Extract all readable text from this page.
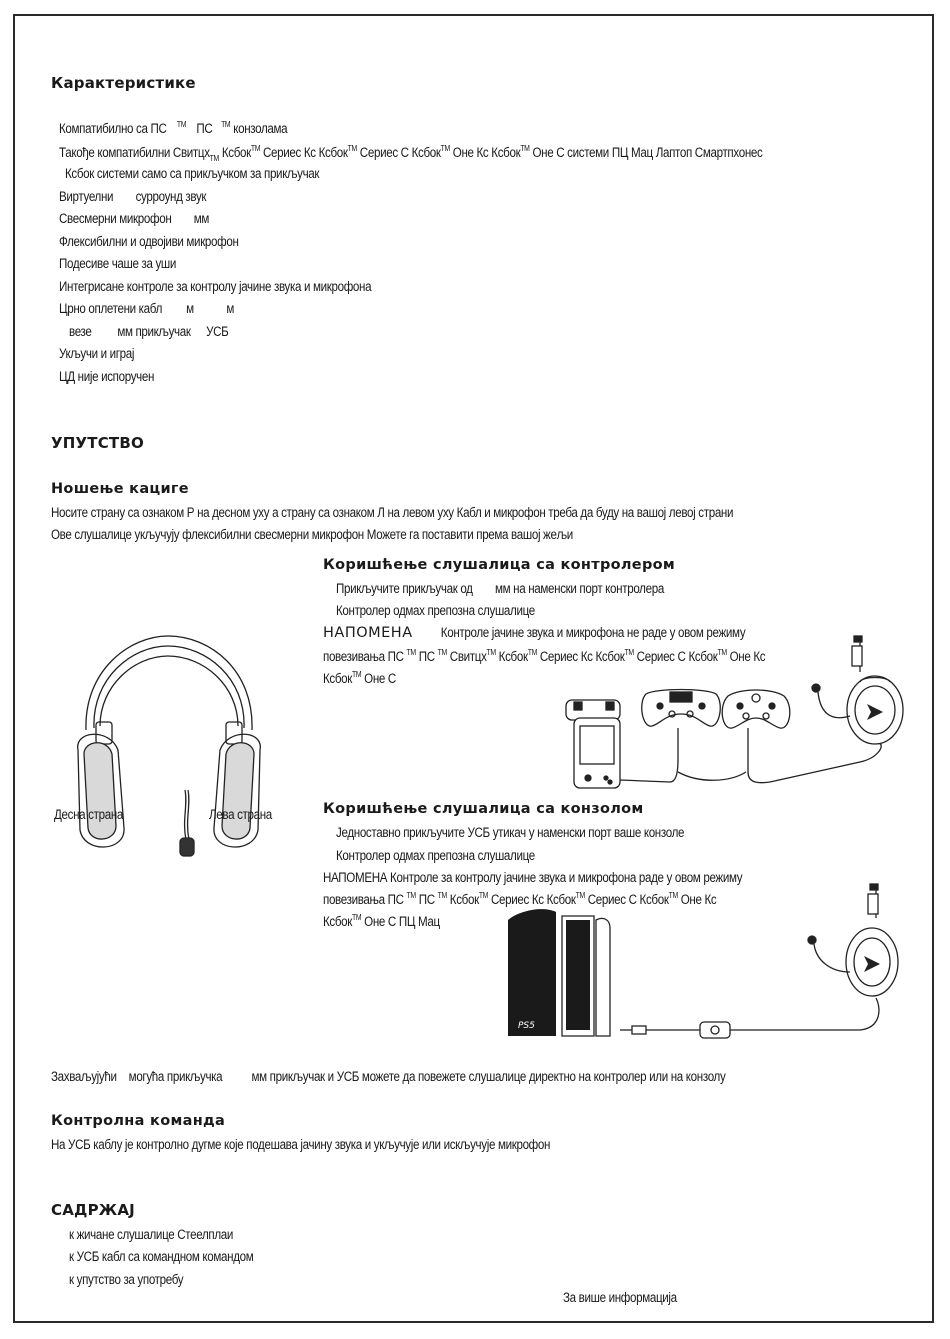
Карактеристике
Компатибилно са ПС ™ ПС ™ конзолама
Такође компатибилни Свитцх$_{TM}$ Ксбок™ Сериес Кс Ксбок™ Сериес С Ксбок™ Оне Кс Ксбок™ Оне С системи ПЦ Мац Лаптоп Смартпхонес
Ксбок системи само са прикључком за прикључак
Виртуелни сурроунд звук
Свесмерни микрофон мм
Флексибилни и одвојиви микрофон
Подесиве чаше за уши
Интегрисане контроле за контролу јачине звука и микрофона
Црно оплетени кабл м м
везе мм прикључак УСБ
Укључи и играј
ЦД није испоручен
УПУТСТВО
Ношење кациге
Носите страну са ознаком Р на десном уху а страну са ознаком Л на левом уху Кабл и микрофон треба да буду на вашој левој страни
Ове слушалице укључују флексибилни свесмерни микрофон Можете га поставити према вашој жељи
Десна страна	Лева страна
Коришћење слушалица са контролером
Прикључите прикључак од мм на наменски порт контролера
Контролер одмах препозна слушалице
НАПОМЕНА Контроле јачине звука и микрофона не раде у овом режиму
повезивања ПС ™ ПС ™ Свитцх™ Ксбок™ Сериес Кс Ксбок™ Сериес С Ксбок™ Оне Кс
Ксбок™ Оне С
Коришћење слушалица са конзолом
Једноставно прикључите УСБ утикач у наменски порт ваше конзоле
Контролер одмах препозна слушалице
НАПОМЕНА Контроле за контролу јачине звука и микрофона раде у овом режиму
повезивања ПС ™ ПС ™ Ксбок™ Сериес Кс Ксбок™ Сериес С Ксбок™ Оне Кс
Ксбок™ Оне С ПЦ Мац
PS5
Захваљујући могућа прикључка мм прикључак и УСБ можете да повежете слушалице директно на контролер или на конзолу
Контролна команда
На УСБ каблу је контролно дугме које подешава јачину звука и укључује или искључује микрофон
САДРЖАЈ
к жичане слушалице Стеелплаи
к УСБ кабл са командном командом
к упутство за употребу
За више информација
